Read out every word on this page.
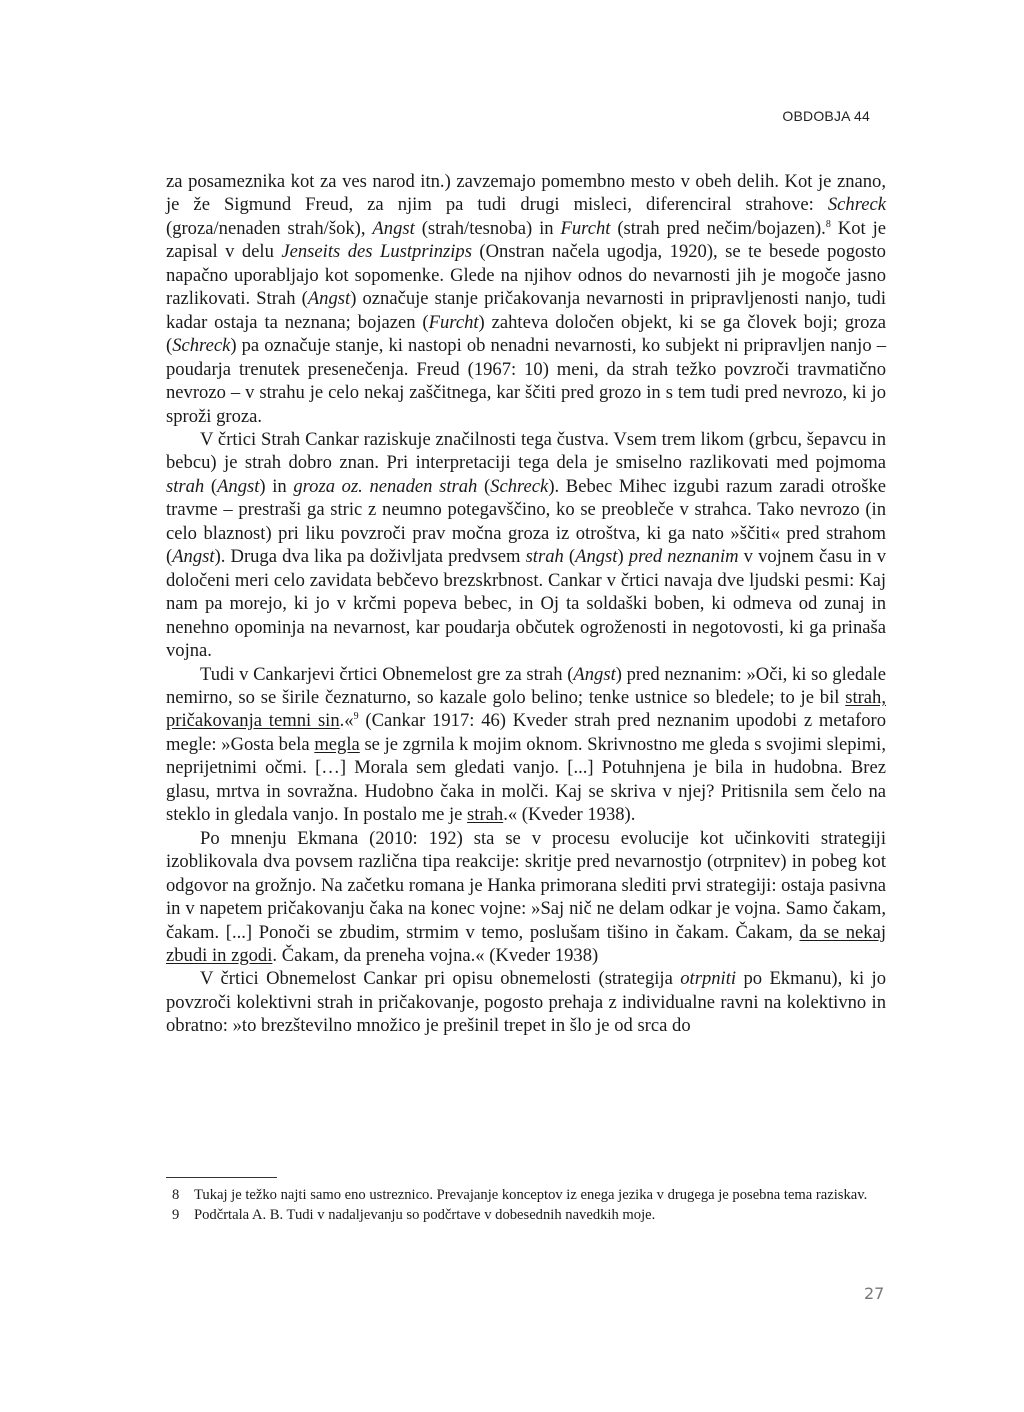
OBDOBJA 44

za posameznika kot za ves narod itn.) zavzemajo pomembno mesto v obeh delih. Kot je znano, je že Sigmund Freud, za njim pa tudi drugi misleci, diferenciral strahove: Schreck (groza/nenaden strah/šok), Angst (strah/tesnoba) in Furcht (strah pred nečim/bojazen).$^8$ Kot je zapisal v delu Jenseits des Lustprinzips (Onstran načela ugodja, 1920), se te besede pogosto napačno uporabljajo kot sopomenke. Glede na njihov odnos do nevarnosti jih je mogoče jasno razlikovati. Strah (Angst) označuje stanje pričakovanja nevarnosti in pripravljenosti nanjo, tudi kadar ostaja ta neznana; bojazen (Furcht) zahteva določen objekt, ki se ga človek boji; groza (Schreck) pa označuje stanje, ki nastopi ob nenadni nevarnosti, ko subjekt ni pripravljen nanjo – poudarja trenutek presenečenja. Freud (1967: 10) meni, da strah težko povzroči travmatično nevrozo – v strahu je celo nekaj zaščitnega, kar ščiti pred grozo in s tem tudi pred nevrozo, ki jo sproži groza.

V črtici Strah Cankar raziskuje značilnosti tega čustva. Vsem trem likom (grbcu, šepavcu in bebcu) je strah dobro znan. Pri interpretaciji tega dela je smiselno razlikovati med pojmoma strah (Angst) in groza oz. nenaden strah (Schreck). Bebec Mihec izgubi razum zaradi otroške travme – prestraši ga stric z neumno potegavščino, ko se preobleče v strahca. Tako nevrozo (in celo blaznost) pri liku povzroči prav močna groza iz otroštva, ki ga nato »ščiti« pred strahom (Angst). Druga dva lika pa doživljata predvsem strah (Angst) pred neznanim v vojnem času in v določeni meri celo zavidata bebčevo brezskrbnost. Cankar v črtici navaja dve ljudski pesmi: Kaj nam pa morejo, ki jo v krčmi popeva bebec, in Oj ta soldaški boben, ki odmeva od zunaj in nenehno opominja na nevarnost, kar poudarja občutek ogroženosti in negotovosti, ki ga prinaša vojna.

Tudi v Cankarjevi črtici Obnemelost gre za strah (Angst) pred neznanim: »Oči, ki so gledale nemirno, so se širile čeznaturno, so kazale golo belino; tenke ustnice so bledele; to je bil strah, pričakovanja temni sin.«$^9$ (Cankar 1917: 46) Kveder strah pred neznanim upodobi z metaforo megle: »Gosta bela megla se je zgrnila k mojim oknom. Skrivnostno me gleda s svojimi slepimi, neprijetnimi očmi. […] Morala sem gledati vanjo. [...] Potuhnjena je bila in hudobna. Brez glasu, mrtva in sovražna. Hudobno čaka in molči. Kaj se skriva v njej? Pritisnila sem čelo na steklo in gledala vanjo. In postalo me je strah.« (Kveder 1938).

Po mnenju Ekmana (2010: 192) sta se v procesu evolucije kot učinkoviti strategiji izoblikovala dva povsem različna tipa reakcije: skritje pred nevarnostjo (otrpnitev) in pobeg kot odgovor na grožnjo. Na začetku romana je Hanka primorana slediti prvi strategiji: ostaja pasivna in v napetem pričakovanju čaka na konec vojne: »Saj nič ne delam odkar je vojna. Samo čakam, čakam. [...] Ponoči se zbudim, strmim v temo, poslušam tišino in čakam. Čakam, da se nekaj zbudi in zgodi. Čakam, da preneha vojna.« (Kveder 1938)

V črtici Obnemelost Cankar pri opisu obnemelosti (strategija otrpniti po Ekmanu), ki jo povzroči kolektivni strah in pričakovanje, pogosto prehaja z individualne ravni na kolektivno in obratno: »to brezštevilno množico je prešinil trepet in šlo je od srca do

8	Tukaj je težko najti samo eno ustreznico. Prevajanje konceptov iz enega jezika v drugega je posebna tema raziskav.
9	Podčrtala A. B. Tudi v nadaljevanju so podčrtave v dobesednih navedkih moje.
27
